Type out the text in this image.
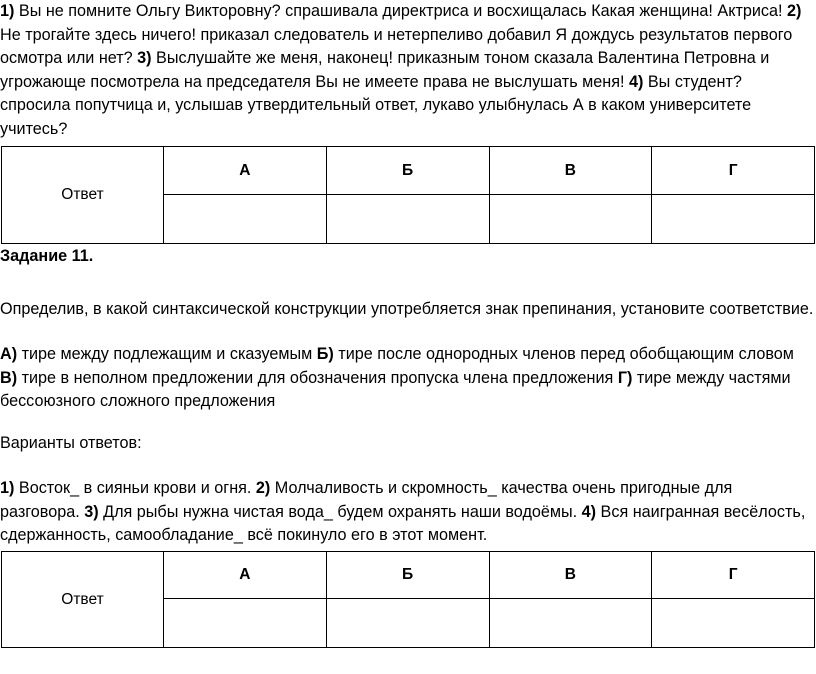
1) Вы не помните Ольгу Викторовну? спрашивала директриса и восхищалась Какая женщина! Актриса! 2) Не трогайте здесь ничего! приказал следователь и нетерпеливо добавил Я дождусь результатов первого осмотра или нет? 3) Выслушайте же меня, наконец! приказным тоном сказала Валентина Петровна и угрожающе посмотрела на председателя Вы не имеете права не выслушать меня! 4) Вы студент? спросила попутчица и, услышав утвердительный ответ, лукаво улыбнулась А в каком университете учитесь?

Ответ	А	Б	В	Г

Задание 11.
Определив, в какой синтаксической конструкции употребляется знак препинания, установите соответствие.

А) тире между подлежащим и сказуемым Б) тире после однородных членов перед обобщающим словом В) тире в неполном предложении для обозначения пропуска члена предложения Г) тире между частями бессоюзного сложного предложения

Варианты ответов:

1) Восток_ в сияньи крови и огня. 2) Молчаливость и скромность_ качества очень пригодные для разговора. 3) Для рыбы нужна чистая вода_ будем охранять наши водоёмы. 4) Вся наигранная весёлость, сдержанность, самообладание_ всё покинуло его в этот момент.

Ответ	А	Б	В	Г
